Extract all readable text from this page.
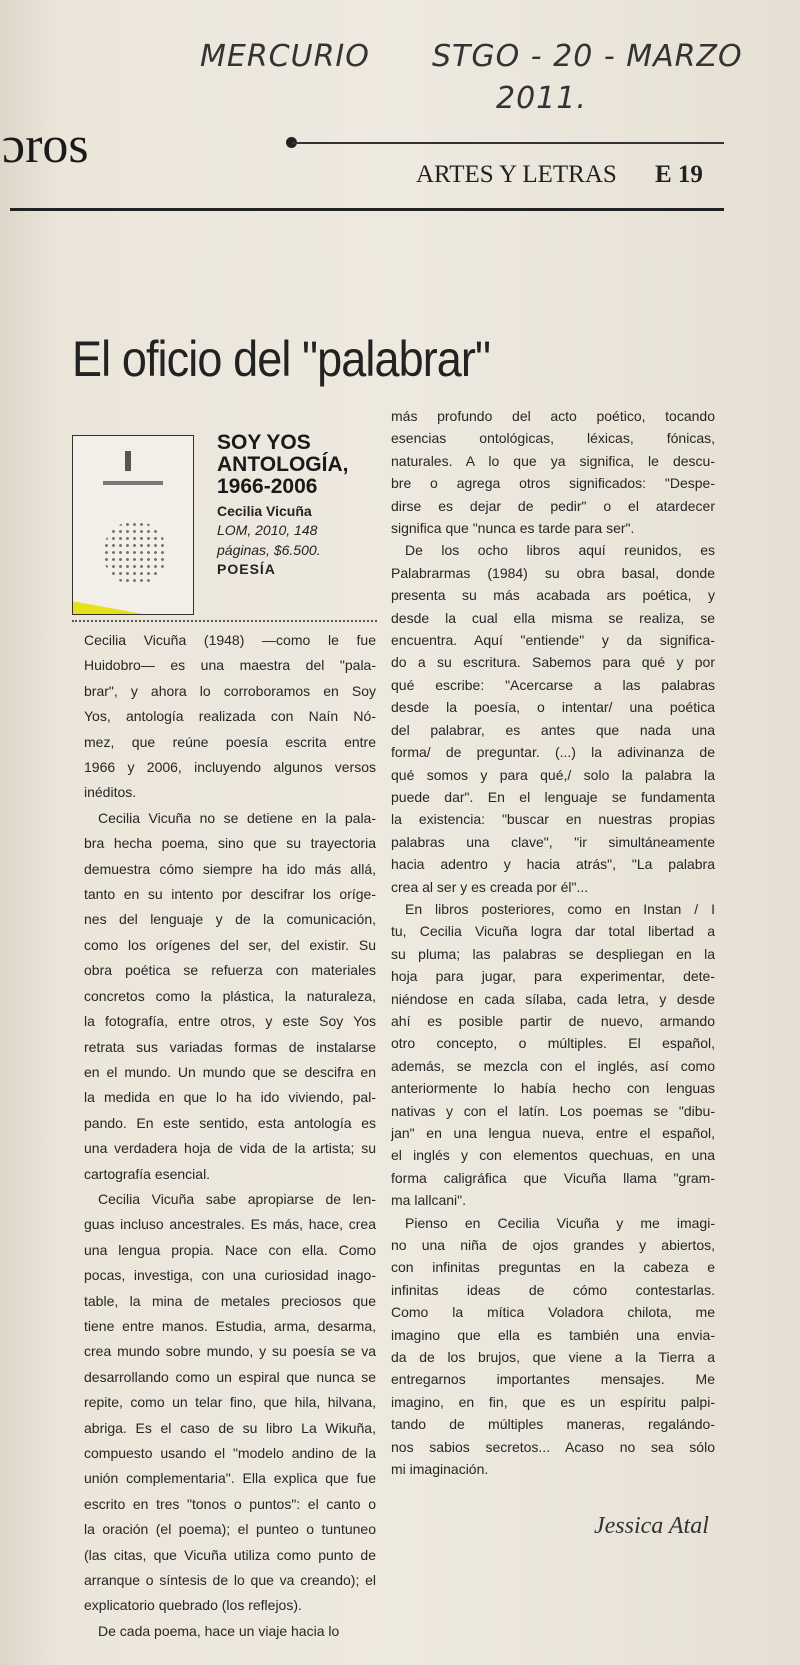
MERCURIO STGO - 20 - MARZO
2011.
ɔros
ARTES Y LETRAS E 19
El oficio del "palabrar"
SOY YOS
ANTOLOGÍA,
1966-2006
Cecilia Vicuña
LOM, 2010, 148
páginas, $6.500.
POESÍA
Cecilia Vicuña (1948) —como le fue
Huidobro— es una maestra del "pala-
brar", y ahora lo corroboramos en Soy
Yos, antología realizada con Naín Nó-
mez, que reúne poesía escrita entre
1966 y 2006, incluyendo algunos versos
inéditos.
Cecilia Vicuña no se detiene en la pala-
bra hecha poema, sino que su trayectoria
demuestra cómo siempre ha ido más allá,
tanto en su intento por descifrar los oríge-
nes del lenguaje y de la comunicación,
como los orígenes del ser, del existir. Su
obra poética se refuerza con materiales
concretos como la plástica, la naturaleza,
la fotografía, entre otros, y este Soy Yos
retrata sus variadas formas de instalarse
en el mundo. Un mundo que se descifra en
la medida en que lo ha ido viviendo, pal-
pando. En este sentido, esta antología es
una verdadera hoja de vida de la artista; su
cartografía esencial.
Cecilia Vicuña sabe apropiarse de len-
guas incluso ancestrales. Es más, hace, crea
una lengua propia. Nace con ella. Como
pocas, investiga, con una curiosidad inago-
table, la mina de metales preciosos que
tiene entre manos. Estudia, arma, desarma,
crea mundo sobre mundo, y su poesía se va
desarrollando como un espiral que nunca se
repite, como un telar fino, que hila, hilvana,
abriga. Es el caso de su libro La Wikuña,
compuesto usando el "modelo andino de la
unión complementaria". Ella explica que fue
escrito en tres "tonos o puntos": el canto o
la oración (el poema); el punteo o tuntuneo
(las citas, que Vicuña utiliza como punto de
arranque o síntesis de lo que va creando); el
explicatorio quebrado (los reflejos).
De cada poema, hace un viaje hacia lo
más profundo del acto poético, tocando
esencias ontológicas, léxicas, fónicas,
naturales. A lo que ya significa, le descu-
bre o agrega otros significados: "Despe-
dirse es dejar de pedir" o el atardecer
significa que "nunca es tarde para ser".
De los ocho libros aquí reunidos, es
Palabrarmas (1984) su obra basal, donde
presenta su más acabada ars poética, y
desde la cual ella misma se realiza, se
encuentra. Aquí "entiende" y da significa-
do a su escritura. Sabemos para qué y por
qué escribe: "Acercarse a las palabras
desde la poesía, o intentar/ una poética
del palabrar, es antes que nada una
forma/ de preguntar. (...) la adivinanza de
qué somos y para qué,/ solo la palabra la
puede dar". En el lenguaje se fundamenta
la existencia: "buscar en nuestras propias
palabras una clave", "ir simultáneamente
hacia adentro y hacia atrás", "La palabra
crea al ser y es creada por él"...
En libros posteriores, como en Instan / I
tu, Cecilia Vicuña logra dar total libertad a
su pluma; las palabras se despliegan en la
hoja para jugar, para experimentar, dete-
niéndose en cada sílaba, cada letra, y desde
ahí es posible partir de nuevo, armando
otro concepto, o múltiples. El español,
además, se mezcla con el inglés, así como
anteriormente lo había hecho con lenguas
nativas y con el latín. Los poemas se "dibu-
jan" en una lengua nueva, entre el español,
el inglés y con elementos quechuas, en una
forma caligráfica que Vicuña llama "gram-
ma lallcani".
Pienso en Cecilia Vicuña y me imagi-
no una niña de ojos grandes y abiertos,
con infinitas preguntas en la cabeza e
infinitas ideas de cómo contestarlas.
Como la mítica Voladora chilota, me
imagino que ella es también una envia-
da de los brujos, que viene a la Tierra a
entregarnos importantes mensajes. Me
imagino, en fin, que es un espíritu palpi-
tando de múltiples maneras, regalándo-
nos sabios secretos... Acaso no sea sólo
mi imaginación.
Jessica Atal
